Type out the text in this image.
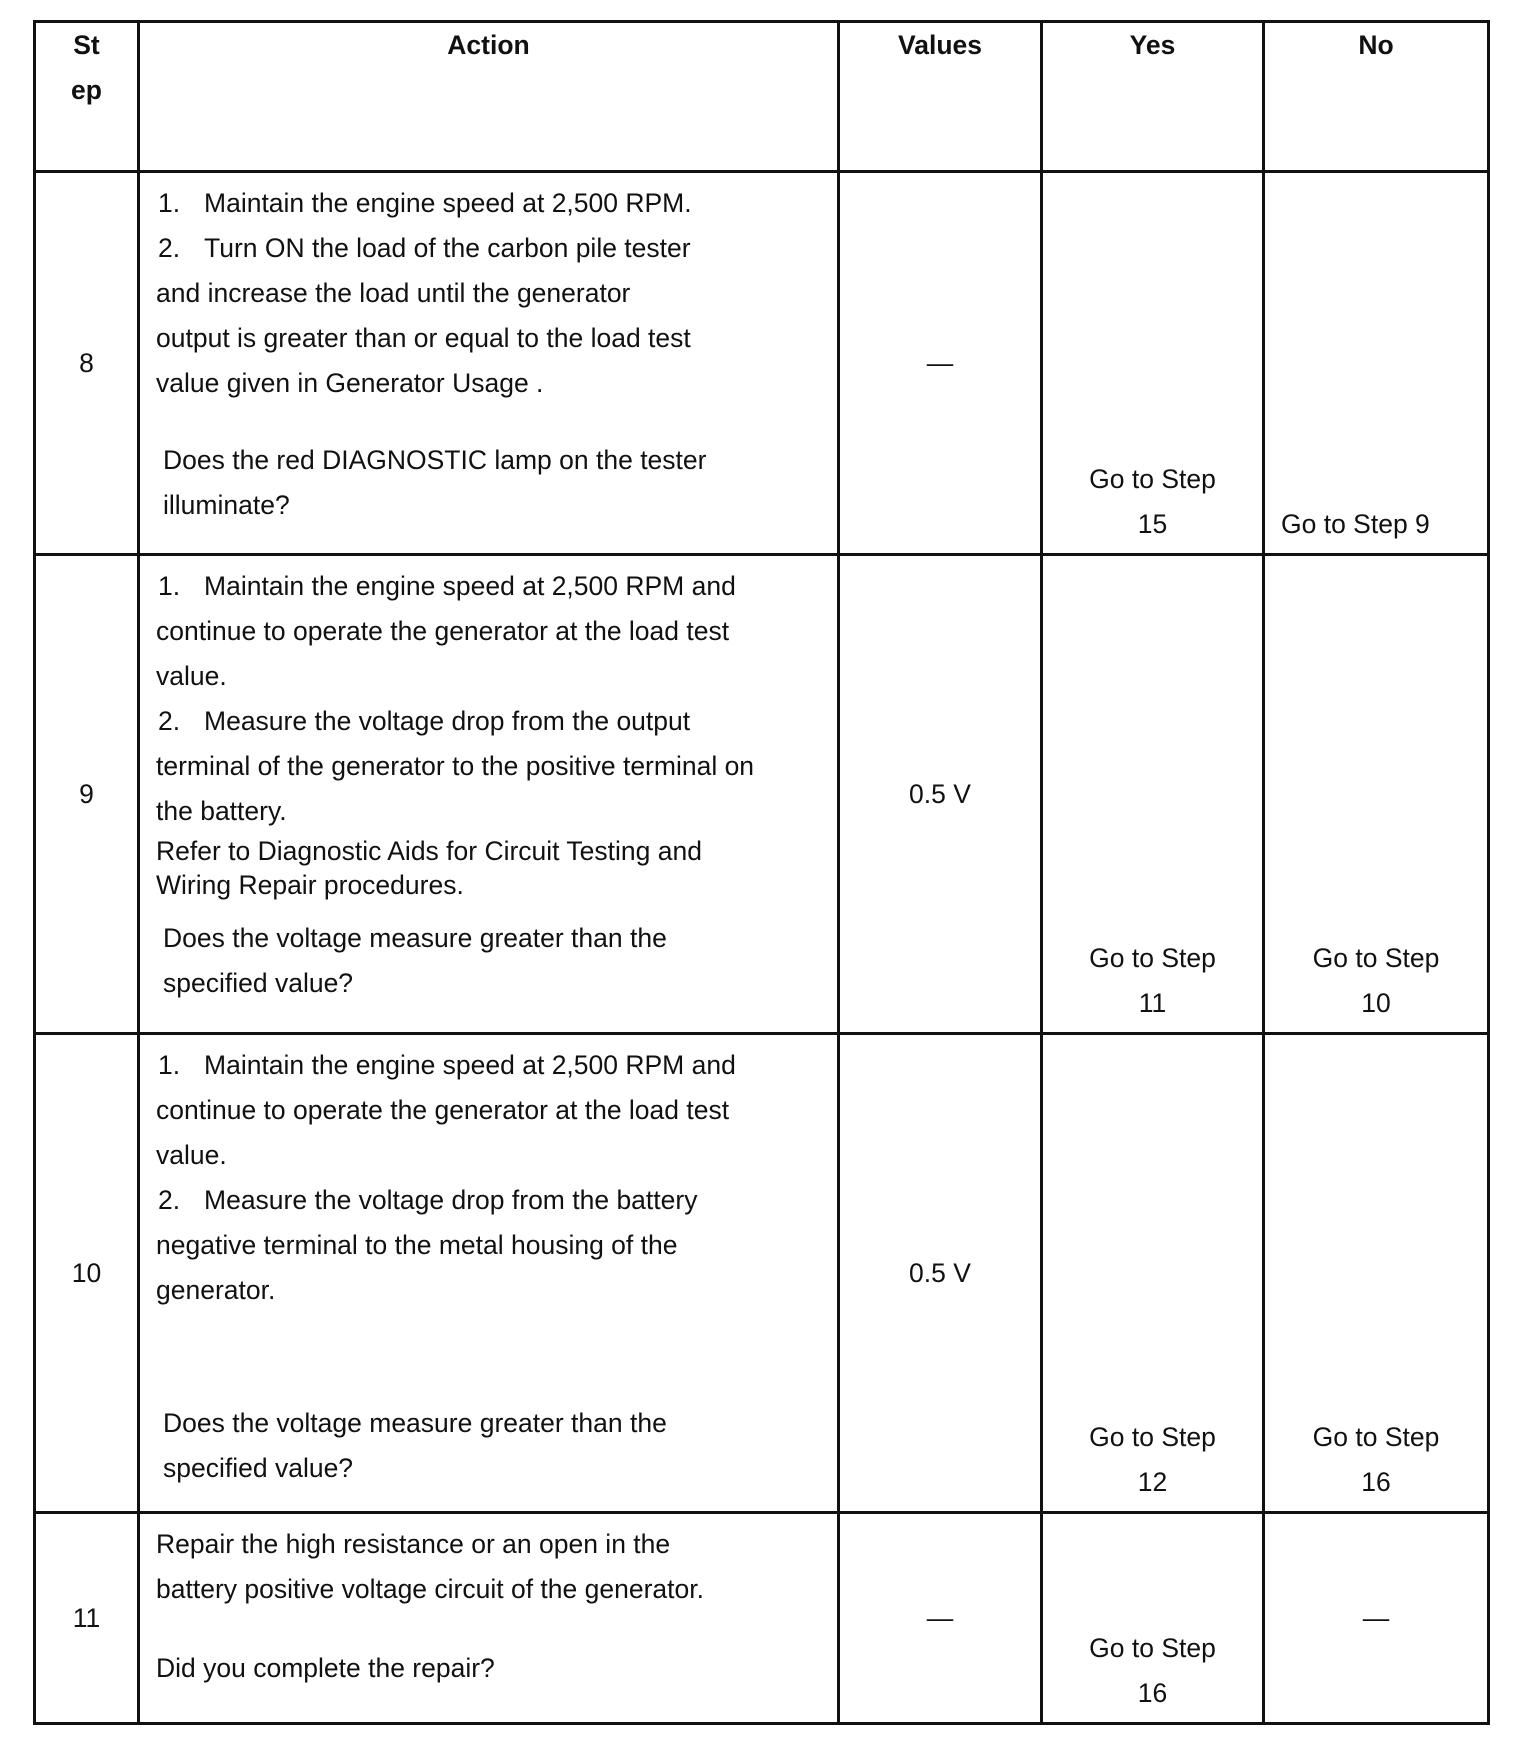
St
ep	Action	Values	Yes	No
8	1. Maintain the engine speed at 2,500 RPM.

2. Turn ON the load of the carbon pile tester and increase the load until the generator output is greater than or equal to the load test value given in Generator Usage .

Does the red DIAGNOSTIC lamp on the tester illuminate?	—	Go to Step 15	Go to Step 9
9	1. Maintain the engine speed at 2,500 RPM and continue to operate the generator at the load test value.

2. Measure the voltage drop from the output terminal of the generator to the positive terminal on the battery.

Refer to Diagnostic Aids for Circuit Testing and Wiring Repair procedures.

Does the voltage measure greater than the specified value?	0.5 V	Go to Step 11	Go to Step 10
10	1. Maintain the engine speed at 2,500 RPM and continue to operate the generator at the load test value.

2. Measure the voltage drop from the battery negative terminal to the metal housing of the generator.

Does the voltage measure greater than the specified value?	0.5 V	Go to Step 12	Go to Step 16
11	Repair the high resistance or an open in the battery positive voltage circuit of the generator.

Did you complete the repair?	—	Go to Step 16	—
